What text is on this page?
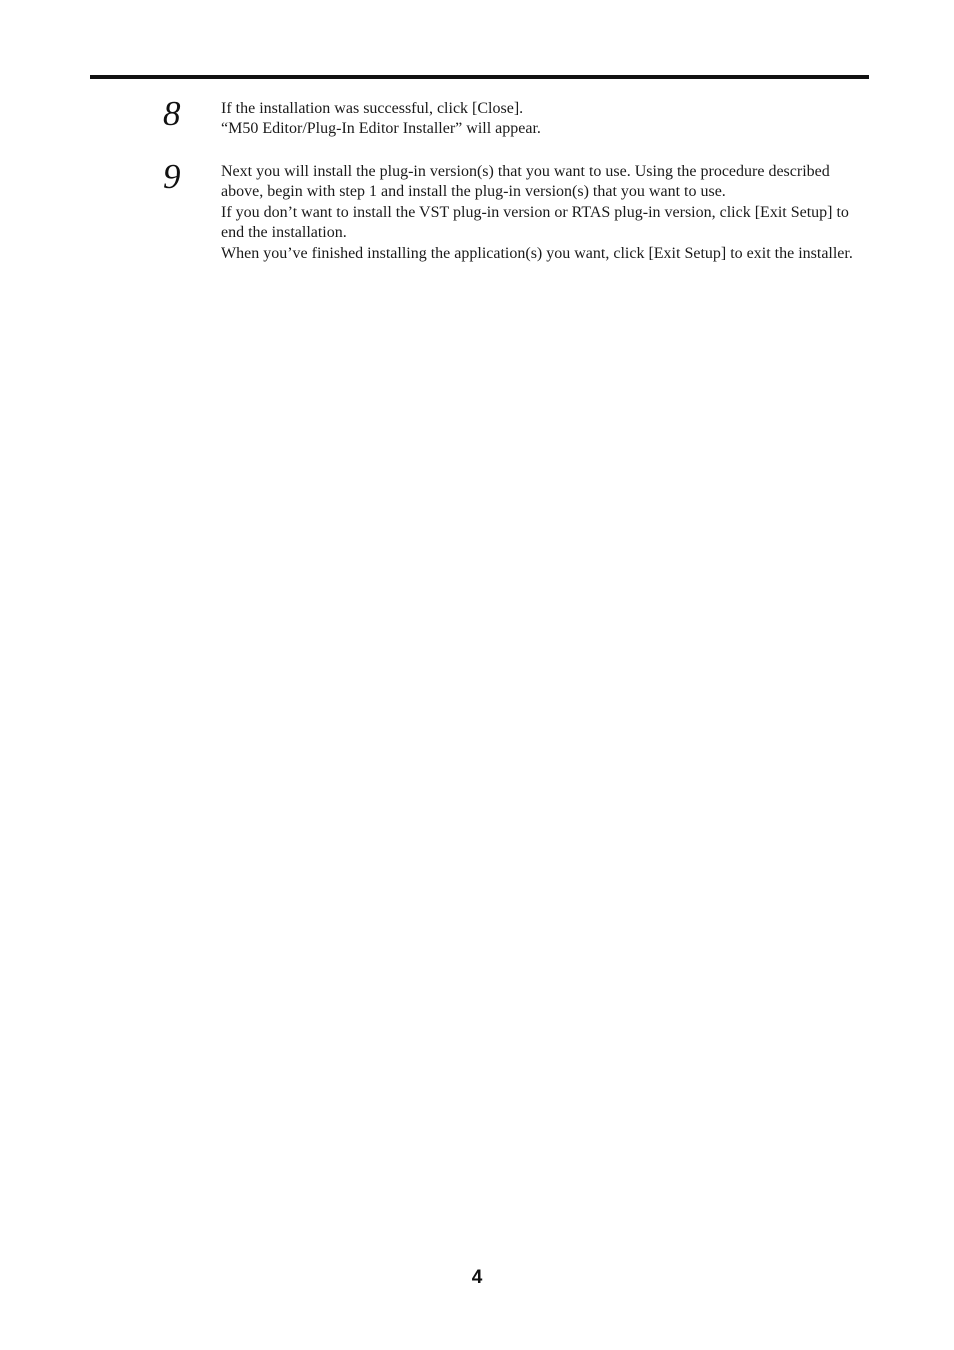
8	If the installation was successful, click [Close].

“M50 Editor/Plug-In Editor Installer” will appear.

9	Next you will install the plug-in version(s) that you want to use. Using the procedure described above, begin with step 1 and install the plug-in version(s) that you want to use.

If you don’t want to install the VST plug-in version or RTAS plug-in version, click [Exit Setup] to end the installation.

When you’ve finished installing the application(s) you want, click [Exit Setup] to exit the installer.

4
